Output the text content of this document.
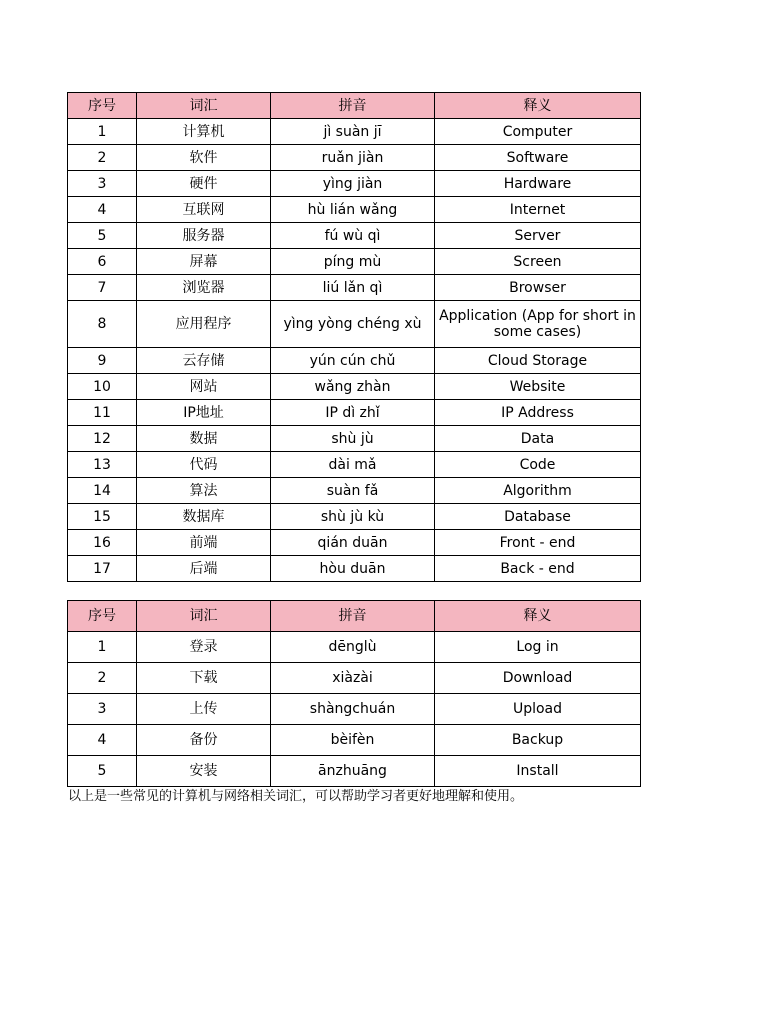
序号	词汇	拼音	释义
1	计算机	jì suàn jī	Computer
2	软件	ruǎn jiàn	Software
3	硬件	yìng jiàn	Hardware
4	互联网	hù lián wǎng	Internet
5	服务器	fú wù qì	Server
6	屏幕	píng mù	Screen
7	浏览器	liú lǎn qì	Browser
8	应用程序	yìng yòng chéng xù	Application (App for short in some cases)
9	云存储	yún cún chǔ	Cloud Storage
10	网站	wǎng zhàn	Website
11	IP地址	IP dì zhǐ	IP Address
12	数据	shù jù	Data
13	代码	dài mǎ	Code
14	算法	suàn fǎ	Algorithm
15	数据库	shù jù kù	Database
16	前端	qián duān	Front - end
17	后端	hòu duān	Back - end
序号	词汇	拼音	释义
1	登录	dēnglù	Log in
2	下载	xiàzài	Download
3	上传	shàngchuán	Upload
4	备份	bèifèn	Backup
5	安装	ānzhuāng	Install
以上是一些常见的计算机与网络相关词汇，可以帮助学习者更好地理解和使用。
